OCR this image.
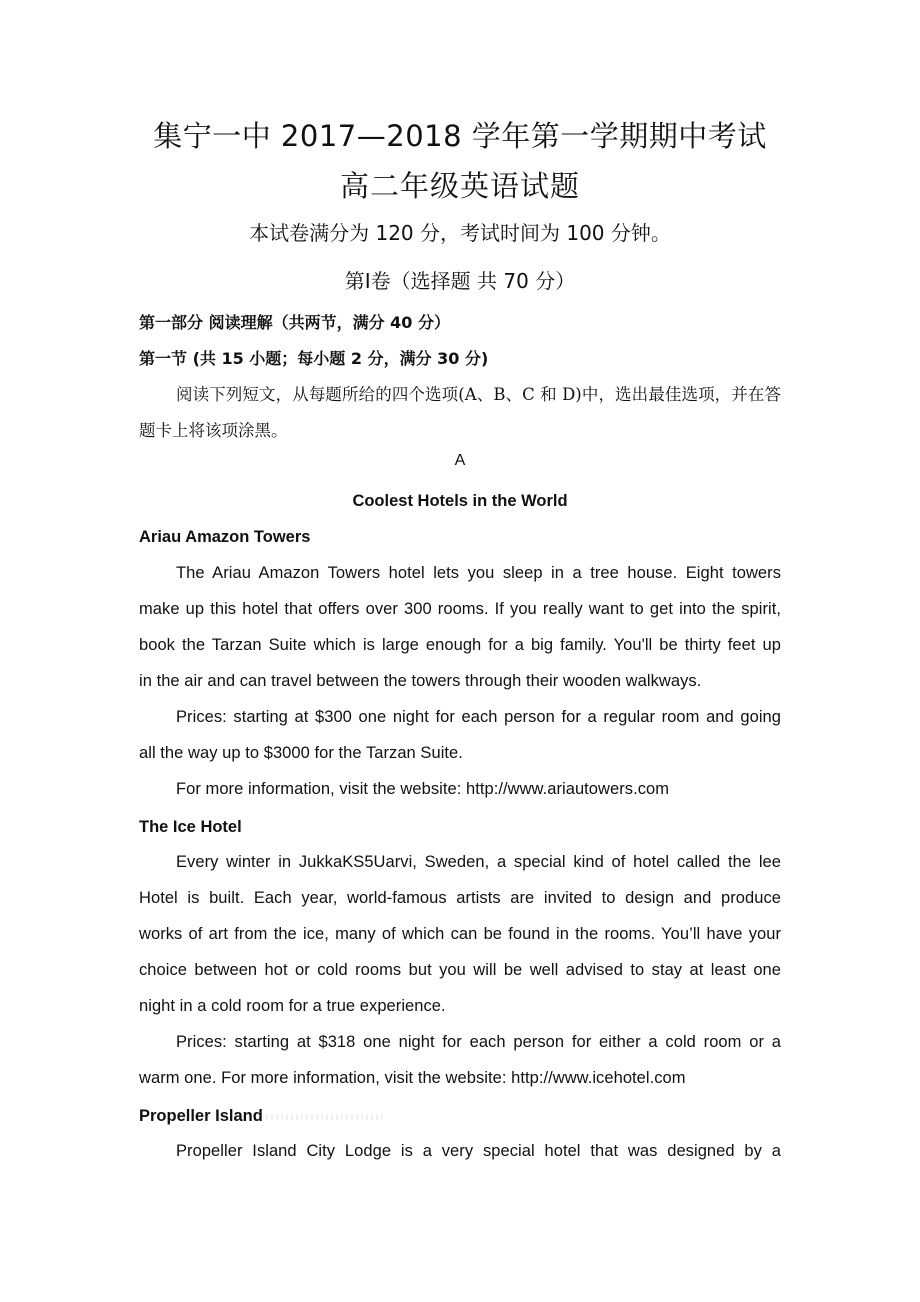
集宁一中 2017—2018 学年第一学期期中考试
高二年级英语试题
本试卷满分为 120 分，考试时间为 100 分钟。
第Ⅰ卷（选择题 共 70 分）
第一部分 阅读理解（共两节，满分 40 分）
第一节 (共 15 小题；每小题 2 分，满分 30 分)
阅读下列短文，从每题所给的四个选项(A、B、C 和 D)中，选出最佳选项，并在答题卡上将该项涂黑。
A
Coolest Hotels in the World
Ariau Amazon Towers
The Ariau Amazon Towers hotel lets you sleep in a tree house. Eight towers
make up this hotel that offers over 300 rooms. If you really want to get into the spirit,
book the Tarzan Suite which is large enough for a big family. You'll be thirty feet up
in the air and can travel between the towers through their wooden walkways.
Prices: starting at $300 one night for each person for a regular room and going
all the way up to $3000 for the Tarzan Suite.
For more information, visit the website: http://www.ariautowers.com
The Ice Hotel
Every winter in JukkaKS5Uarvi, Sweden, a special kind of hotel called the lee
Hotel is built. Each year, world-famous artists are invited to design and produce
works of art from the ice, many of which can be found in the rooms. You’ll have your
choice between hot or cold rooms but you will be well advised to stay at least one
night in a cold room for a true experience.
Prices: starting at $318 one night for each person for either a cold room or a
warm one. For more information, visit the website: http://www.icehotel.com
Propeller Island
Propeller Island City Lodge is a very special hotel that was designed by a
